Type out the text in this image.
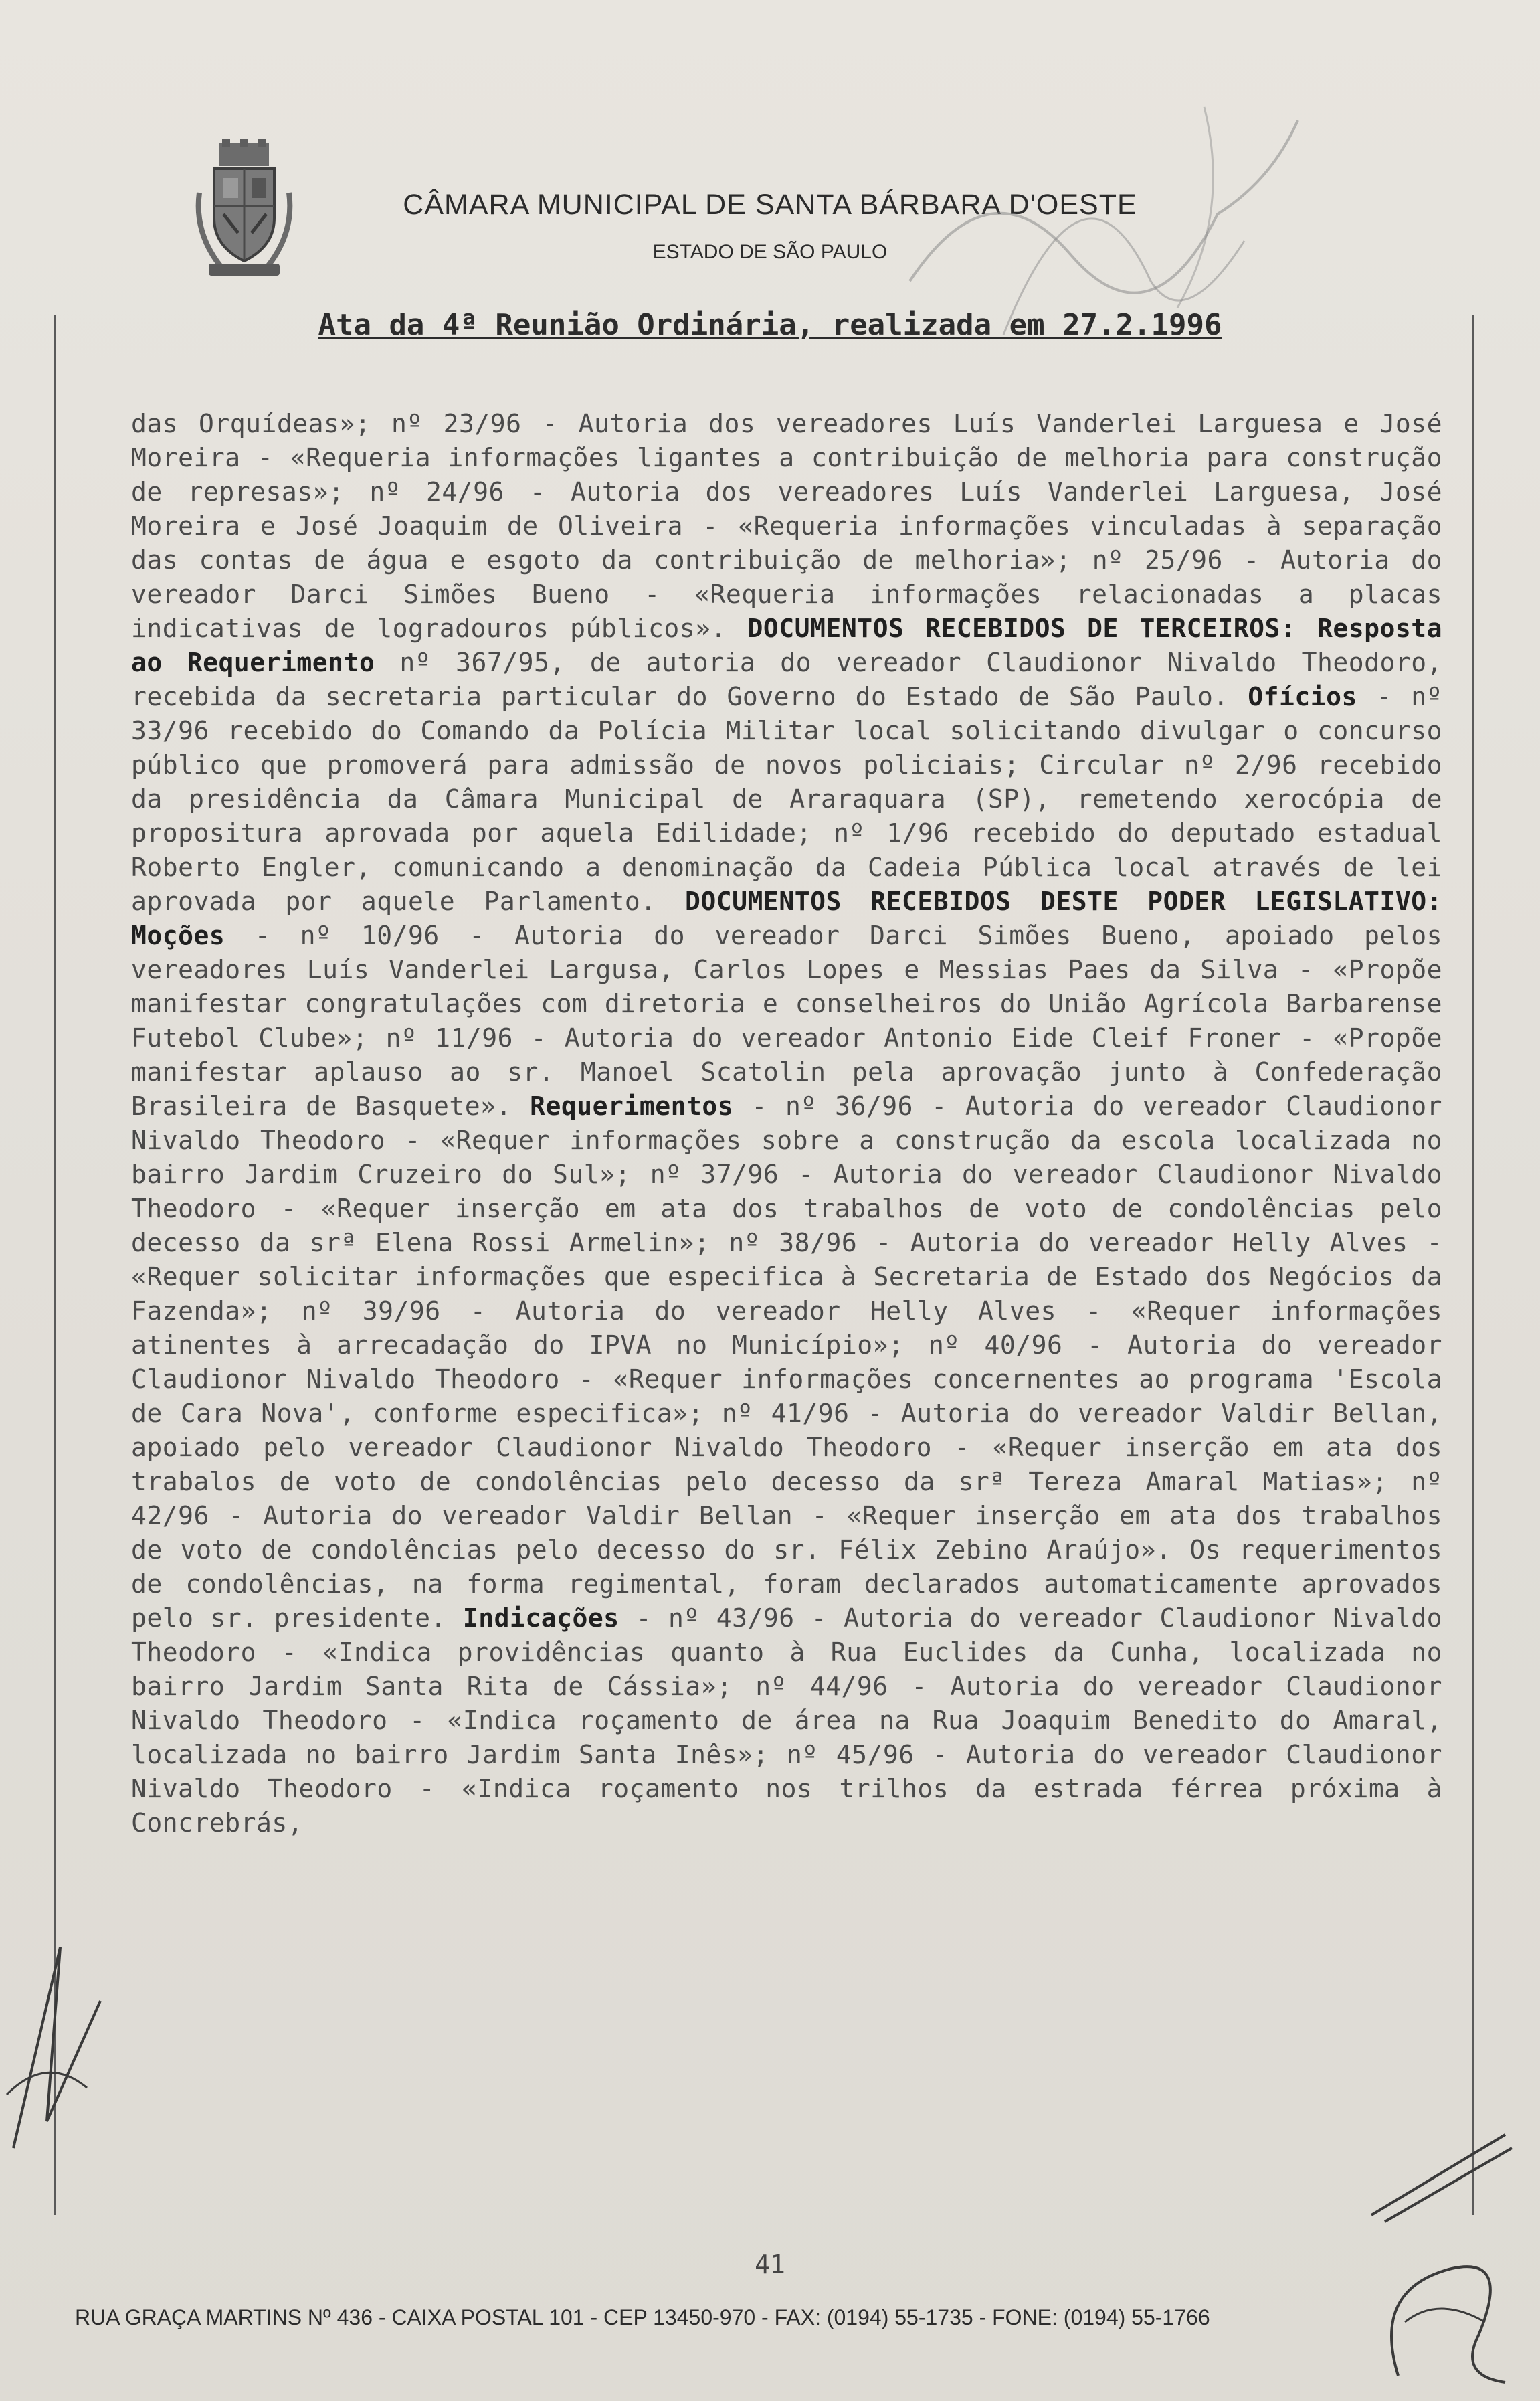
CÂMARA MUNICIPAL DE SANTA BÁRBARA D'OESTE
ESTADO DE SÃO PAULO
Ata da 4ª Reunião Ordinária, realizada em 27.2.1996
das Orquídeas»; nº 23/96 - Autoria dos vereadores Luís Vanderlei Larguesa e José Moreira - «Requeria informações ligantes a contribuição de melhoria para construção de represas»; nº 24/96 - Autoria dos vereadores Luís Vanderlei Larguesa, José Moreira e José Joaquim de Oliveira - «Requeria informações vinculadas à separação das contas de água e esgoto da contribuição de melhoria»; nº 25/96 - Autoria do vereador Darci Simões Bueno - «Requeria informações relacionadas a placas indicativas de logradouros públicos». DOCUMENTOS RECEBIDOS DE TERCEIROS: Resposta ao Requerimento nº 367/95, de autoria do vereador Claudionor Nivaldo Theodoro, recebida da secretaria particular do Governo do Estado de São Paulo. Ofícios - nº 33/96 recebido do Comando da Polícia Militar local solicitando divulgar o concurso público que promoverá para admissão de novos policiais; Circular nº 2/96 recebido da presidência da Câmara Municipal de Araraquara (SP), remetendo xerocópia de propositura aprovada por aquela Edilidade; nº 1/96 recebido do deputado estadual Roberto Engler, comunicando a denominação da Cadeia Pública local através de lei aprovada por aquele Parlamento. DOCUMENTOS RECEBIDOS DESTE PODER LEGISLATIVO: Moções - nº 10/96 - Autoria do vereador Darci Simões Bueno, apoiado pelos vereadores Luís Vanderlei Largusa, Carlos Lopes e Messias Paes da Silva - «Propõe manifestar congratulações com diretoria e conselheiros do União Agrícola Barbarense Futebol Clube»; nº 11/96 - Autoria do vereador Antonio Eide Cleif Froner - «Propõe manifestar aplauso ao sr. Manoel Scatolin pela aprovação junto à Confederação Brasileira de Basquete». Requerimentos - nº 36/96 - Autoria do vereador Claudionor Nivaldo Theodoro - «Requer informações sobre a construção da escola localizada no bairro Jardim Cruzeiro do Sul»; nº 37/96 - Autoria do vereador Claudionor Nivaldo Theodoro - «Requer inserção em ata dos trabalhos de voto de condolências pelo decesso da srª Elena Rossi Armelin»; nº 38/96 - Autoria do vereador Helly Alves - «Requer solicitar informações que especifica à Secretaria de Estado dos Negócios da Fazenda»; nº 39/96 - Autoria do vereador Helly Alves - «Requer informações atinentes à arrecadação do IPVA no Município»; nº 40/96 - Autoria do vereador Claudionor Nivaldo Theodoro - «Requer informações concernentes ao programa 'Escola de Cara Nova', conforme especifica»; nº 41/96 - Autoria do vereador Valdir Bellan, apoiado pelo vereador Claudionor Nivaldo Theodoro - «Requer inserção em ata dos trabalos de voto de condolências pelo decesso da srª Tereza Amaral Matias»; nº 42/96 - Autoria do vereador Valdir Bellan - «Requer inserção em ata dos trabalhos de voto de condolências pelo decesso do sr. Félix Zebino Araújo». Os requerimentos de condolências, na forma regimental, foram declarados automaticamente aprovados pelo sr. presidente. Indicações - nº 43/96 - Autoria do vereador Claudionor Nivaldo Theodoro - «Indica providências quanto à Rua Euclides da Cunha, localizada no bairro Jardim Santa Rita de Cássia»; nº 44/96 - Autoria do vereador Claudionor Nivaldo Theodoro - «Indica roçamento de área na Rua Joaquim Benedito do Amaral, localizada no bairro Jardim Santa Inês»; nº 45/96 - Autoria do vereador Claudionor Nivaldo Theodoro - «Indica roçamento nos trilhos da estrada férrea próxima à Concrebrás,
41
RUA GRAÇA MARTINS Nº 436 - CAIXA POSTAL 101 - CEP 13450-970 - FAX: (0194) 55-1735 - FONE: (0194) 55-1766
